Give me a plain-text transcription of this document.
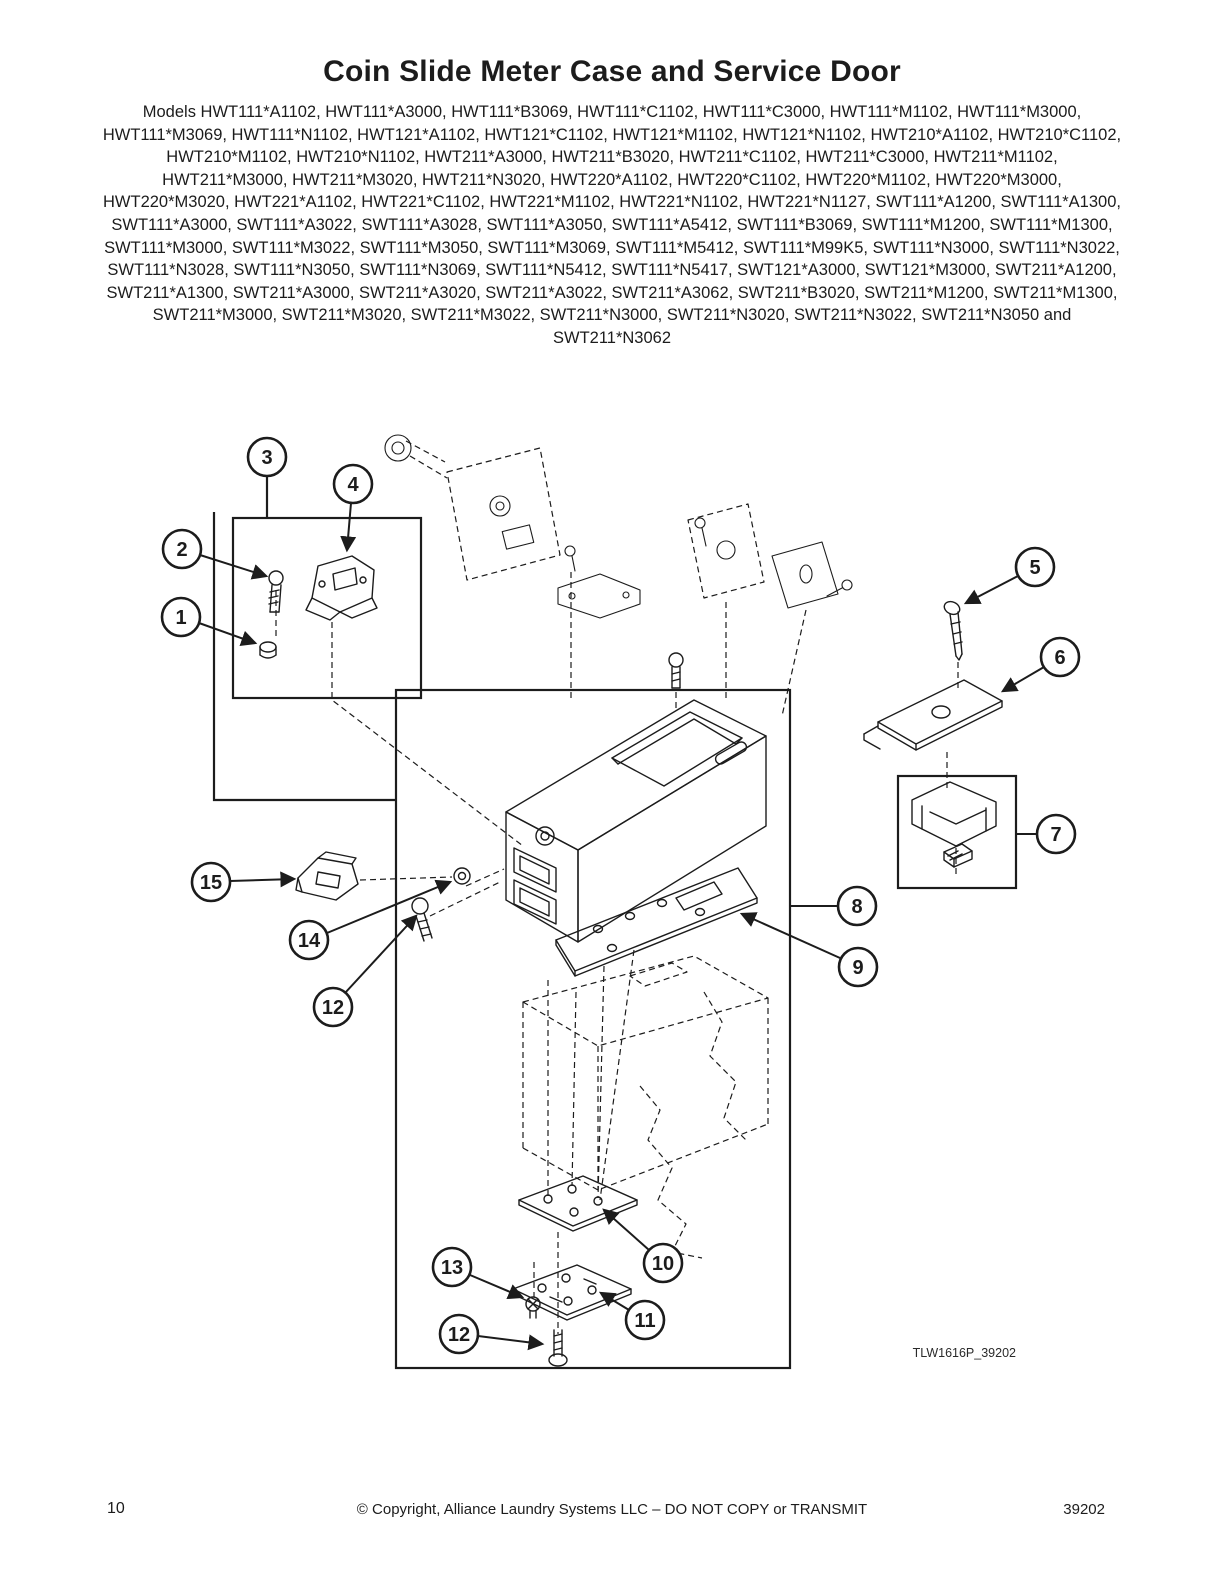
Coin Slide Meter Case and Service Door

Models HWT111*A1102, HWT111*A3000, HWT111*B3069, HWT111*C1102, HWT111*C3000, HWT111*M1102, HWT111*M3000, HWT111*M3069, HWT111*N1102, HWT121*A1102, HWT121*C1102, HWT121*M1102, HWT121*N1102, HWT210*A1102, HWT210*C1102, HWT210*M1102, HWT210*N1102, HWT211*A3000, HWT211*B3020, HWT211*C1102, HWT211*C3000, HWT211*M1102, HWT211*M3000, HWT211*M3020, HWT211*N3020, HWT220*A1102, HWT220*C1102, HWT220*M1102, HWT220*M3000, HWT220*M3020, HWT221*A1102, HWT221*C1102, HWT221*M1102, HWT221*N1102, HWT221*N1127, SWT111*A1200, SWT111*A1300, SWT111*A3000, SWT111*A3022, SWT111*A3028, SWT111*A3050, SWT111*A5412, SWT111*B3069, SWT111*M1200, SWT111*M1300, SWT111*M3000, SWT111*M3022, SWT111*M3050, SWT111*M3069, SWT111*M5412, SWT111*M99K5, SWT111*N3000, SWT111*N3022, SWT111*N3028, SWT111*N3050, SWT111*N3069, SWT111*N5412, SWT111*N5417, SWT121*A3000, SWT121*M3000, SWT211*A1200, SWT211*A1300, SWT211*A3000, SWT211*A3020, SWT211*A3022, SWT211*A3062, SWT211*B3020, SWT211*M1200, SWT211*M1300, SWT211*M3000, SWT211*M3020, SWT211*M3022, SWT211*N3000, SWT211*N3020, SWT211*N3022, SWT211*N3050 and SWT211*N3062

3
4
2
1
5
6
7
8
9
15
14
12
10
13
11
12
TLW1616P_39202
10	© Copyright, Alliance Laundry Systems LLC – DO NOT COPY or TRANSMIT	39202
